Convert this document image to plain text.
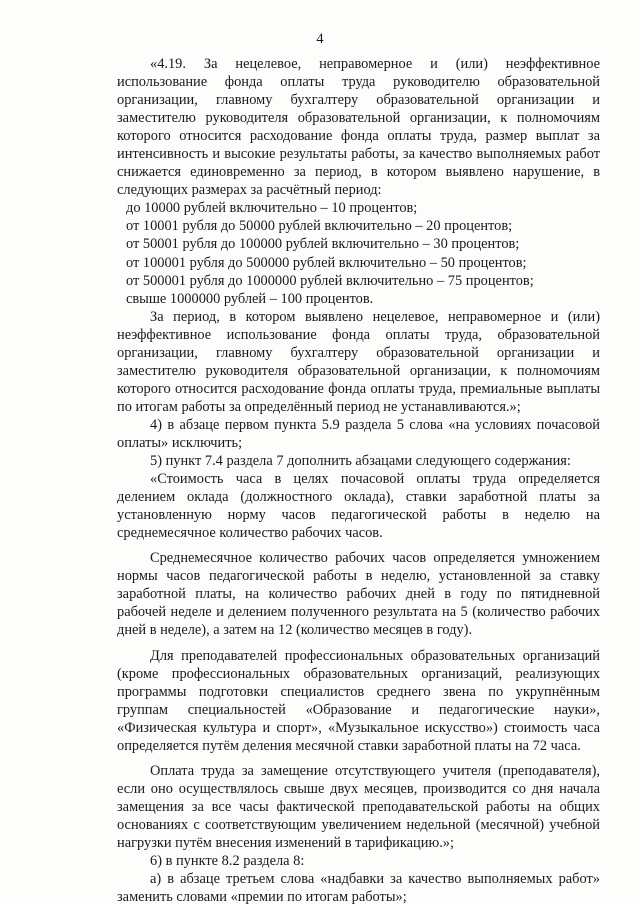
4

«4.19. За нецелевое, неправомерное и (или) неэффективное использование фонда оплаты труда руководителю образовательной организации, главному бухгалтеру образовательной организации и заместителю руководителя образовательной организации, к полномочиям которого относится расходование фонда оплаты труда, размер выплат за интенсивность и высокие результаты работы, за качество выполняемых работ снижается единовременно за период, в котором выявлено нарушение, в следующих размерах за расчётный период:

до 10000 рублей включительно – 10 процентов;

от 10001 рубля до 50000 рублей включительно – 20 процентов;

от 50001 рубля до 100000 рублей включительно – 30 процентов;

от 100001 рубля до 500000 рублей включительно – 50 процентов;

от 500001 рубля до 1000000 рублей включительно – 75 процентов;

свыше 1000000 рублей – 100 процентов.

За период, в котором выявлено нецелевое, неправомерное и (или) неэффективное использование фонда оплаты труда, образовательной организации, главному бухгалтеру образовательной организации и заместителю руководителя образовательной организации, к полномочиям которого относится расходование фонда оплаты труда, премиальные выплаты по итогам работы за определённый период не устанавливаются.»;

4) в абзаце первом пункта 5.9 раздела 5 слова «на условиях почасовой оплаты» исключить;

5) пункт 7.4 раздела 7 дополнить абзацами следующего содержания:

«Стоимость часа в целях почасовой оплаты труда определяется делением оклада (должностного оклада), ставки заработной платы за установленную норму часов педагогической работы в неделю на среднемесячное количество рабочих часов.

Среднемесячное количество рабочих часов определяется умножением нормы часов педагогической работы в неделю, установленной за ставку заработной платы, на количество рабочих дней в году по пятидневной рабочей неделе и делением полученного результата на 5 (количество рабочих дней в неделе), а затем на 12 (количество месяцев в году).

Для преподавателей профессиональных образовательных организаций (кроме профессиональных образовательных организаций, реализующих программы подготовки специалистов среднего звена по укрупнённым группам специальностей «Образование и педагогические науки», «Физическая культура и спорт», «Музыкальное искусство») стоимость часа определяется путём деления месячной ставки заработной платы на 72 часа.

Оплата труда за замещение отсутствующего учителя (преподавателя), если оно осуществлялось свыше двух месяцев, производится со дня начала замещения за все часы фактической преподавательской работы на общих основаниях с соответствующим увеличением недельной (месячной) учебной нагрузки путём внесения изменений в тарификацию.»;

6) в пункте 8.2 раздела 8:

а) в абзаце третьем слова «надбавки за качество выполняемых работ» заменить словами «премии по итогам работы»;
